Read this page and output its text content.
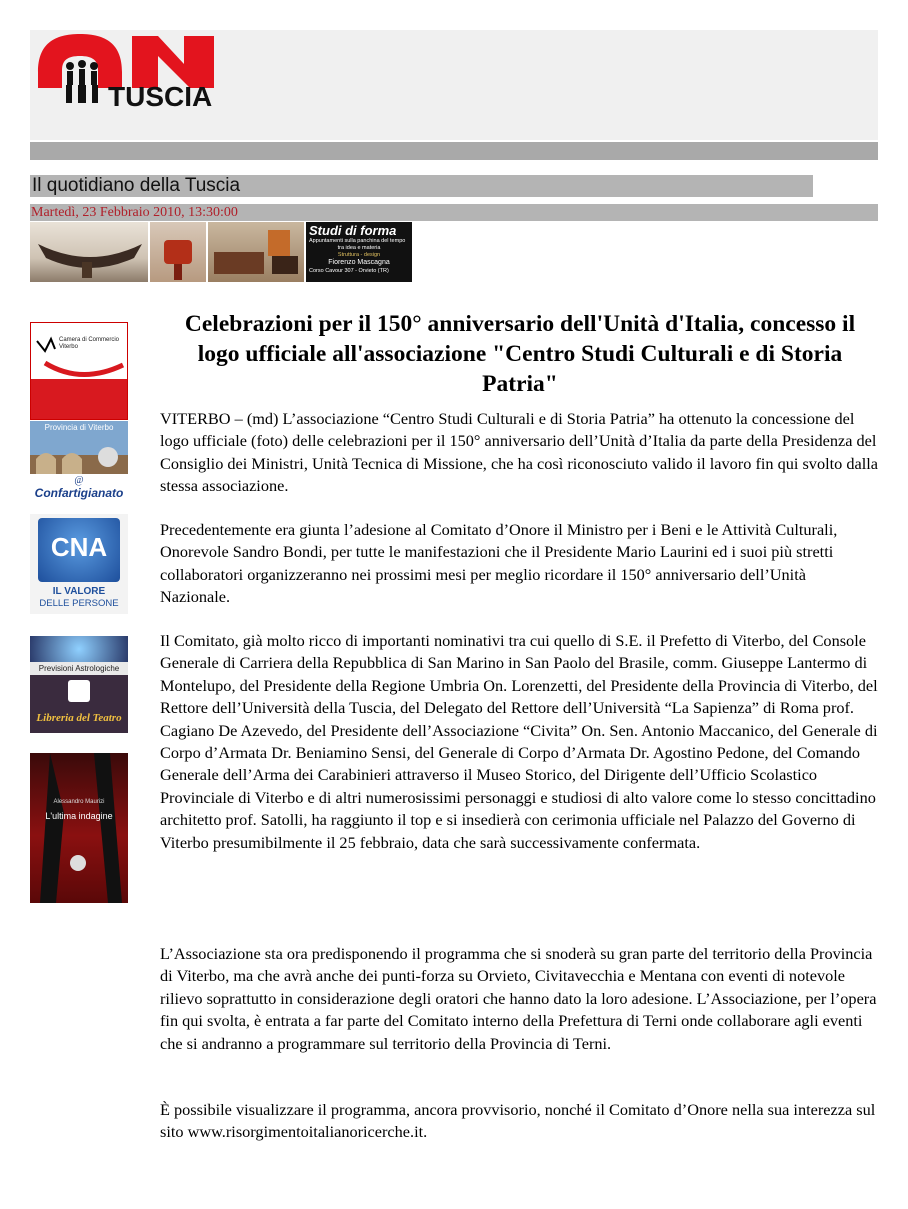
TUSCIA
Il quotidiano della Tuscia
Martedì, 23 Febbraio 2010, 13:30:00
Studi di forma
Appuntamenti sulla panchina del tempo
tra idea e materia
Struttura - design
Fiorenzo Mascagna
Corso Cavour 307 - Orvieto (TR)
Camera di Commercio
Viterbo
Provincia di Viterbo
@
Confartigianato
CNA
IL VALORE
DELLE PERSONE
Previsioni Astrologiche
Libreria del Teatro
Alessandro Maurizi
L'ultima indagine
Celebrazioni per il 150° anniversario dell'Unità d'Italia, concesso il logo ufficiale all'associazione "Centro Studi Culturali e di Storia Patria"

VITERBO – (md) L’associazione “Centro Studi Culturali e di Storia Patria” ha ottenuto la concessione del logo ufficiale (foto) delle celebrazioni per il 150° anniversario dell’Unità d’Italia da parte della Presidenza del Consiglio dei Ministri, Unità Tecnica di Missione, che ha così riconosciuto valido il lavoro fin qui svolto dalla stessa associazione.

Precedentemente era giunta l’adesione al Comitato d’Onore il Ministro per i Beni e le Attività Culturali, Onorevole Sandro Bondi, per tutte le manifestazioni che il Presidente Mario Laurini ed i suoi più stretti collaboratori organizzeranno nei prossimi mesi per meglio ricordare il 150° anniversario dell’Unità Nazionale.

Il Comitato, già molto ricco di importanti nominativi tra cui quello di S.E. il Prefetto di Viterbo, del Console Generale di Carriera della Repubblica di San Marino in San Paolo del Brasile, comm. Giuseppe Lantermo di Montelupo, del Presidente della Regione Umbria On. Lorenzetti, del Presidente della Provincia di Viterbo, del Rettore dell’Università della Tuscia, del Delegato del Rettore dell’Università “La Sapienza” di Roma prof. Cagiano De Azevedo, del Presidente dell’Associazione “Civita” On. Sen. Antonio Maccanico, del Generale di Corpo d’Armata Dr. Beniamino Sensi, del Generale di Corpo d’Armata Dr. Agostino Pedone, del Comando Generale dell’Arma dei Carabinieri attraverso il Museo Storico, del Dirigente dell’Ufficio Scolastico Provinciale di Viterbo e di altri numerosissimi personaggi e studiosi di alto valore come lo stesso concittadino architetto prof. Satolli, ha raggiunto il top e si insedierà con cerimonia ufficiale nel Palazzo del Governo di Viterbo presumibilmente il 25 febbraio, data che sarà successivamente confermata.

L’Associazione sta ora predisponendo il programma che si snoderà su gran parte del territorio della Provincia di Viterbo, ma che avrà anche dei punti-forza su Orvieto, Civitavecchia e Mentana con eventi di notevole rilievo soprattutto in considerazione degli oratori che hanno dato la loro adesione. L’Associazione, per l’opera fin qui svolta, è entrata a far parte del Comitato interno della Prefettura di Terni onde collaborare agli eventi che si andranno a programmare sul territorio della Provincia di Terni.

È possibile visualizzare il programma, ancora provvisorio, nonché il Comitato d’Onore nella sua interezza sul sito www.risorgimentoitalianoricerche.it.
